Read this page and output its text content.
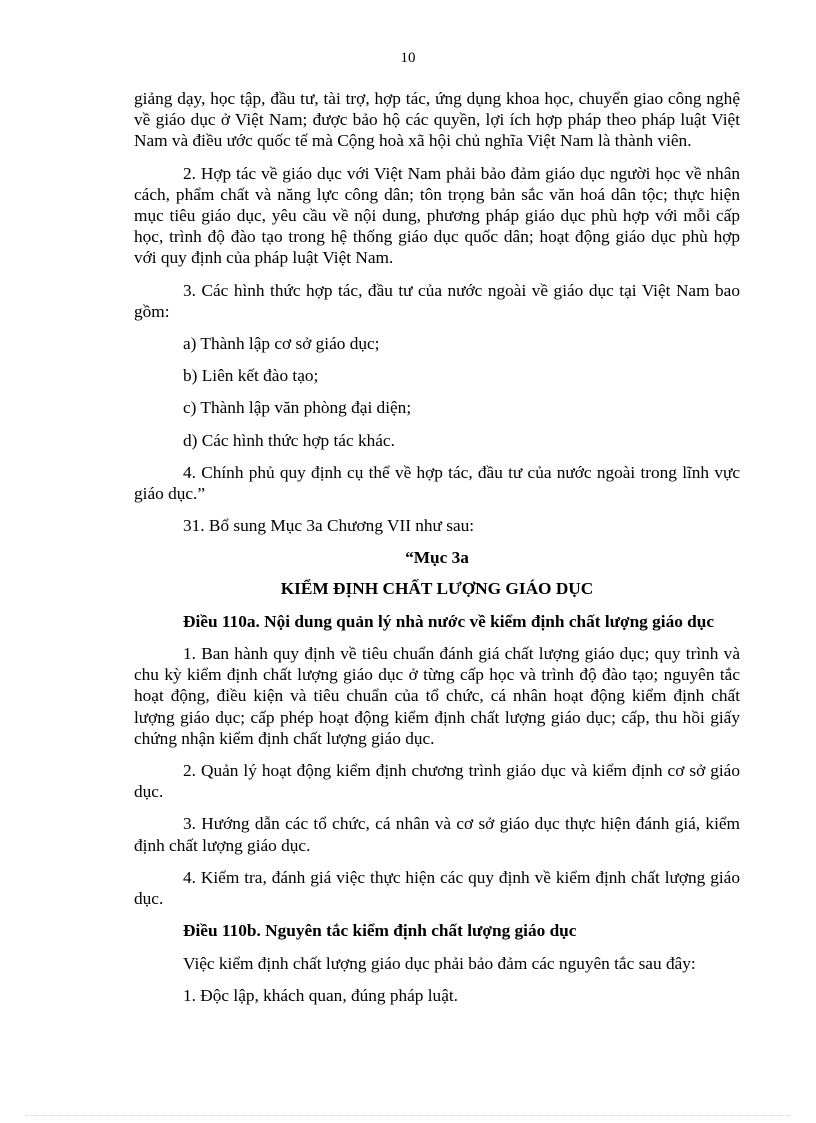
10

giảng dạy, học tập, đầu tư, tài trợ, hợp tác, ứng dụng khoa học, chuyển giao công nghệ về giáo dục ở Việt Nam; được bảo hộ các quyền, lợi ích hợp pháp theo pháp luật Việt Nam và điều ước quốc tế mà Cộng hoà xã hội chủ nghĩa Việt Nam là thành viên.

2. Hợp tác về giáo dục với Việt Nam phải bảo đảm giáo dục người học về nhân cách, phẩm chất và năng lực công dân; tôn trọng bản sắc văn hoá dân tộc; thực hiện mục tiêu giáo dục, yêu cầu về nội dung, phương pháp giáo dục phù hợp với mỗi cấp học, trình độ đào tạo trong hệ thống giáo dục quốc dân; hoạt động giáo dục phù hợp với quy định của pháp luật Việt Nam.

3. Các hình thức hợp tác, đầu tư của nước ngoài về giáo dục tại Việt Nam bao gồm:

a) Thành lập cơ sở giáo dục;

b) Liên kết đào tạo;

c) Thành lập văn phòng đại diện;

d) Các hình thức hợp tác khác.

4. Chính phủ quy định cụ thể về hợp tác, đầu tư của nước ngoài trong lĩnh vực giáo dục.”

31. Bổ sung Mục 3a Chương VII như sau:

“Mục 3a

KIỂM ĐỊNH CHẤT LƯỢNG GIÁO DỤC

Điều 110a. Nội dung quản lý nhà nước về kiểm định chất lượng giáo dục

1. Ban hành quy định về tiêu chuẩn đánh giá chất lượng giáo dục; quy trình và chu kỳ kiểm định chất lượng giáo dục ở từng cấp học và trình độ đào tạo; nguyên tắc hoạt động, điều kiện và tiêu chuẩn của tổ chức, cá nhân hoạt động kiểm định chất lượng giáo dục; cấp phép hoạt động kiểm định chất lượng giáo dục; cấp, thu hồi giấy chứng nhận kiểm định chất lượng giáo dục.

2. Quản lý hoạt động kiểm định chương trình giáo dục và kiểm định cơ sở giáo dục.

3. Hướng dẫn các tổ chức, cá nhân và cơ sở giáo dục thực hiện đánh giá, kiểm định chất lượng giáo dục.

4. Kiểm tra, đánh giá việc thực hiện các quy định về kiểm định chất lượng giáo dục.

Điều 110b. Nguyên tắc kiểm định chất lượng giáo dục

Việc kiểm định chất lượng giáo dục phải bảo đảm các nguyên tắc sau đây:

1. Độc lập, khách quan, đúng pháp luật.
